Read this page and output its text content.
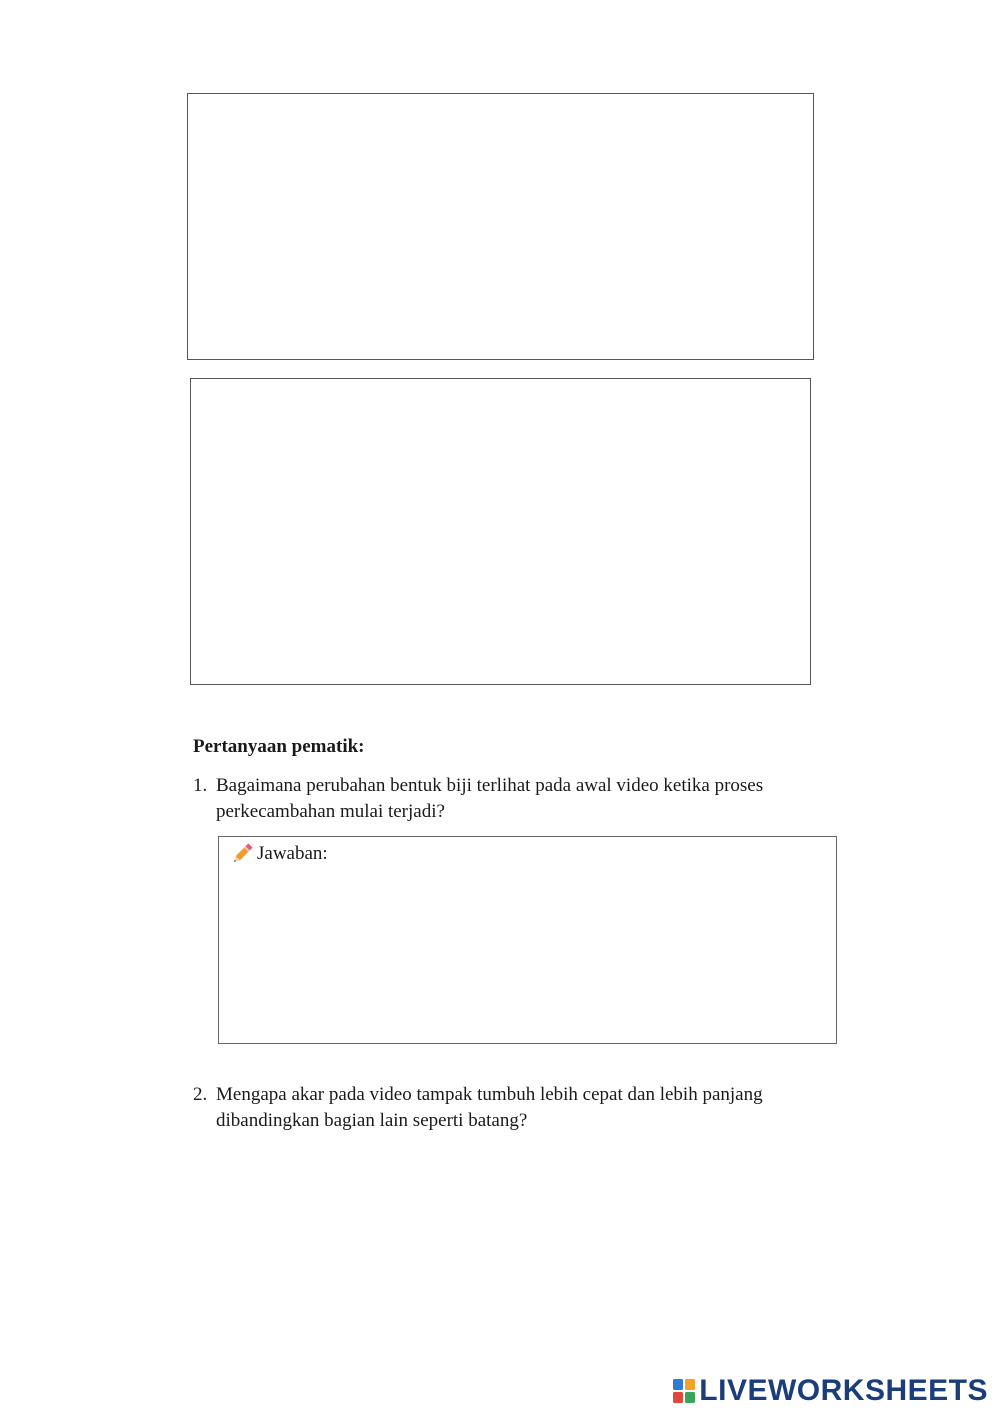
Pertanyaan pematik:
1. Bagaimana perubahan bentuk biji terlihat pada awal video ketika proses
perkecambahan mulai terjadi?
Jawaban:
2. Mengapa akar pada video tampak tumbuh lebih cepat dan lebih panjang
dibandingkan bagian lain seperti batang?
LIVEWORKSHEETS
